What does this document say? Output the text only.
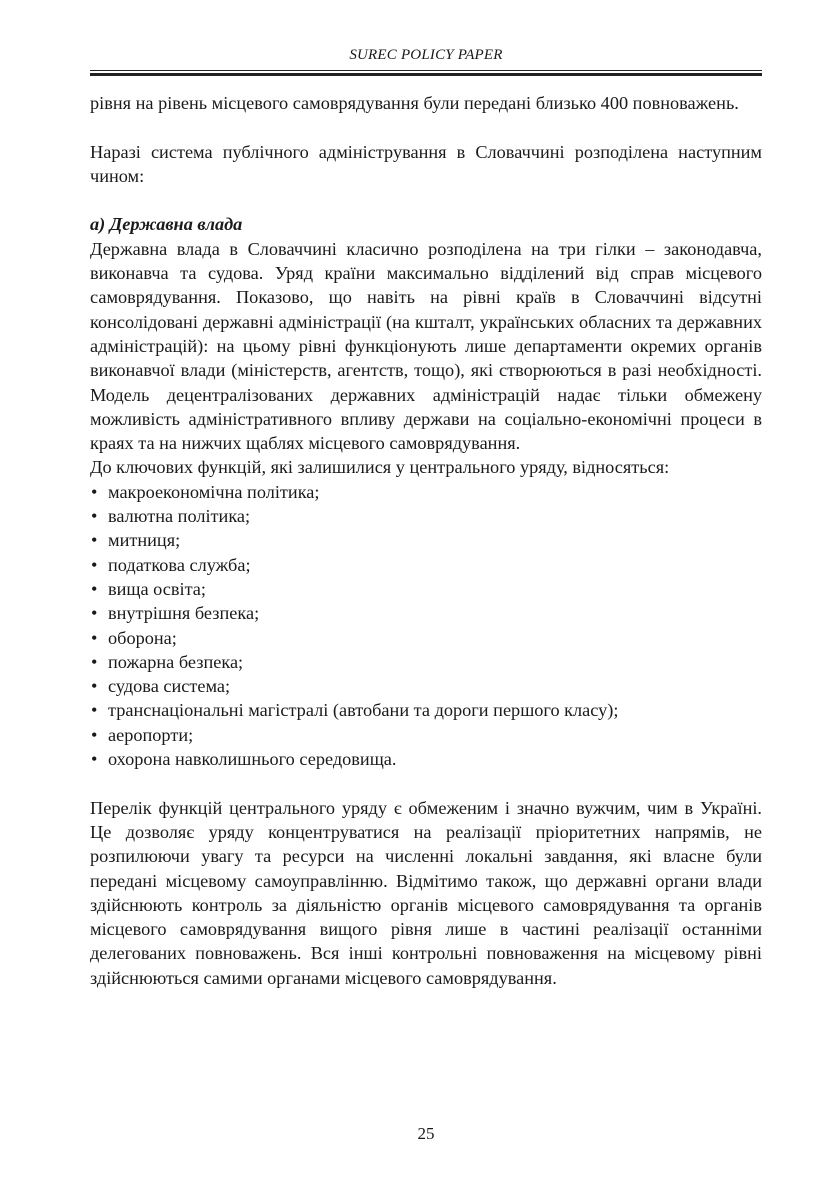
SUREC POLICY PAPER

рівня на рівень місцевого самоврядування були передані близько 400 повноважень.

Наразі система публічного адміністрування в Словаччині розподілена наступним чином:

а) Державна влада

Державна влада в Словаччині класично розподілена на три гілки – законодавча, виконавча та судова. Уряд країни максимально відділений від справ місцевого самоврядування. Показово, що навіть на рівні країв в Словаччині відсутні консолідовані державні адміністрації (на кшталт, українських обласних та державних адміністрацій): на цьому рівні функціонують лише департаменти окремих органів виконавчої влади (міністерств, агентств, тощо), які створюються в разі необхідності. Модель децентралізованих державних адміністрацій надає тільки обмежену можливість адміністративного впливу держави на соціально-економічні процеси в краях та на нижчих щаблях місцевого самоврядування.

До ключових функцій, які залишилися у центрального уряду, відносяться:

• макроекономічна політика;
• валютна політика;
• митниця;
• податкова служба;
• вища освіта;
• внутрішня безпека;
• оборона;
• пожарна безпека;
• судова система;
• транснаціональні магістралі (автобани та дороги першого класу);
• аеропорти;
• охорона навколишнього середовища.

Перелік функцій центрального уряду є обмеженим і значно вужчим, чим в Україні. Це дозволяє уряду концентруватися на реалізації пріоритетних напрямів, не розпилюючи увагу та ресурси на численні локальні завдання, які власне були передані місцевому самоуправлінню. Відмітимо також, що державні органи влади здійснюють контроль за діяльністю органів місцевого самоврядування та органів місцевого самоврядування вищого рівня лише в частині реалізації останніми делегованих повноважень. Вся інші контрольні повноваження на місцевому рівні здійснюються самими органами місцевого самоврядування.

25
